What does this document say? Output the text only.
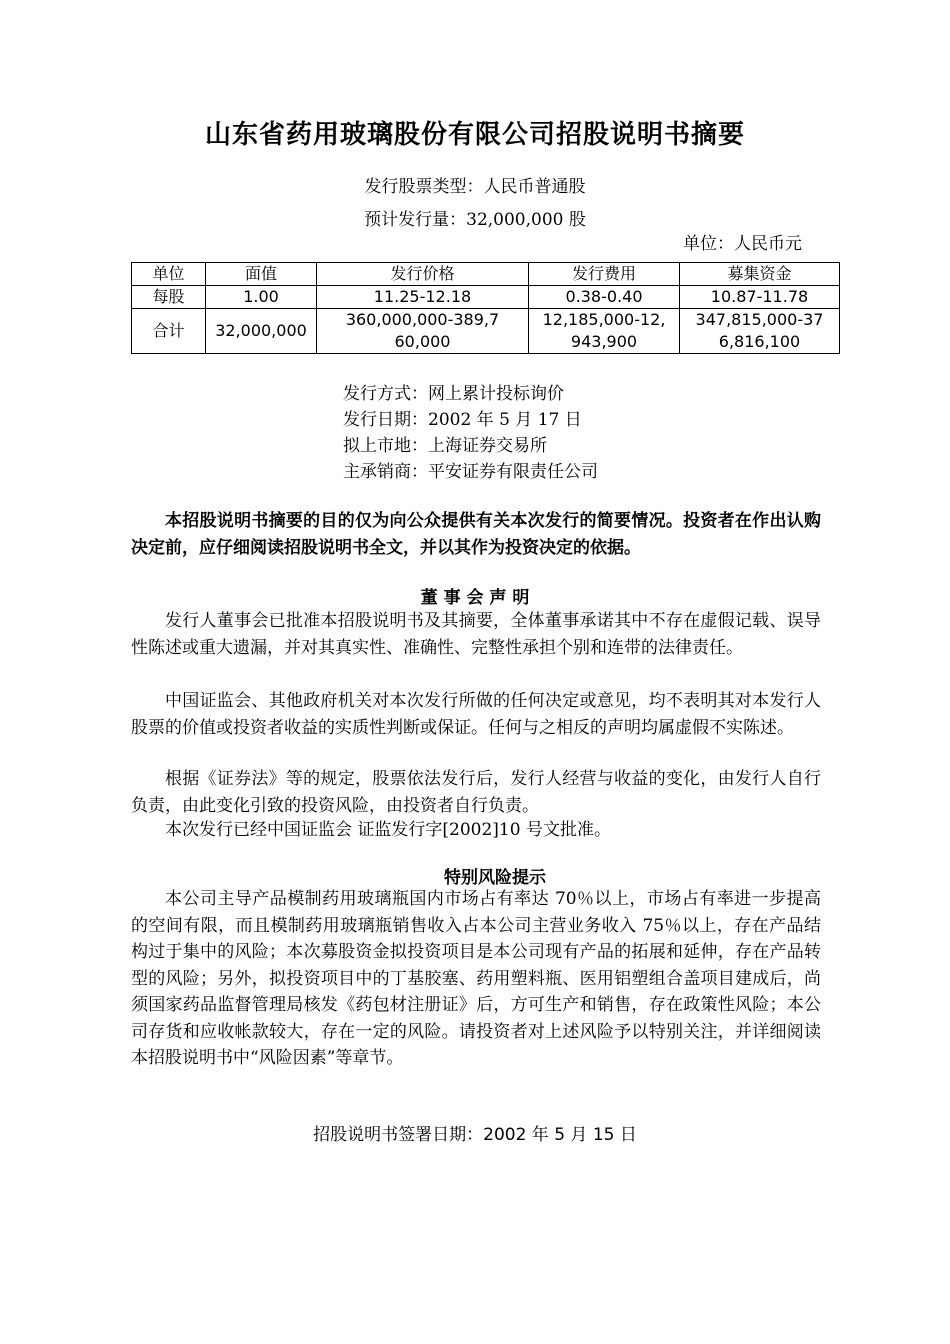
山东省药用玻璃股份有限公司招股说明书摘要
发行股票类型：人民币普通股
预计发行量：32,000,000 股
单位：人民币元
单位	面值	发行价格	发行费用	募集资金
每股	1.00	11.25-12.18	0.38-0.40	10.87-11.78
合计	32,000,000	360,000,000-389,760,000	12,185,000-12,943,900	347,815,000-376,816,100
发行方式：网上累计投标询价
发行日期：2002 年 5 月 17 日
拟上市地：上海证券交易所
主承销商：平安证券有限责任公司

本招股说明书摘要的目的仅为向公众提供有关本次发行的简要情况。投资者在作出认购决定前，应仔细阅读招股说明书全文，并以其作为投资决定的依据。

董 事 会 声 明

发行人董事会已批准本招股说明书及其摘要，全体董事承诺其中不存在虚假记载、误导性陈述或重大遗漏，并对其真实性、准确性、完整性承担个别和连带的法律责任。

中国证监会、其他政府机关对本次发行所做的任何决定或意见，均不表明其对本发行人股票的价值或投资者收益的实质性判断或保证。任何与之相反的声明均属虚假不实陈述。

根据《证券法》等的规定，股票依法发行后，发行人经营与收益的变化，由发行人自行负责，由此变化引致的投资风险，由投资者自行负责。

本次发行已经中国证监会 证监发行字[2002]10 号文批准。

特别风险提示

本公司主导产品模制药用玻璃瓶国内市场占有率达 70％以上，市场占有率进一步提高的空间有限，而且模制药用玻璃瓶销售收入占本公司主营业务收入 75％以上，存在产品结构过于集中的风险；本次募股资金拟投资项目是本公司现有产品的拓展和延伸，存在产品转型的风险；另外，拟投资项目中的丁基胶塞、药用塑料瓶、医用铝塑组合盖项目建成后，尚须国家药品监督管理局核发《药包材注册证》后，方可生产和销售，存在政策性风险；本公司存货和应收帐款较大，存在一定的风险。请投资者对上述风险予以特别关注，并详细阅读本招股说明书中“风险因素”等章节。

招股说明书签署日期：2002 年 5 月 15 日
